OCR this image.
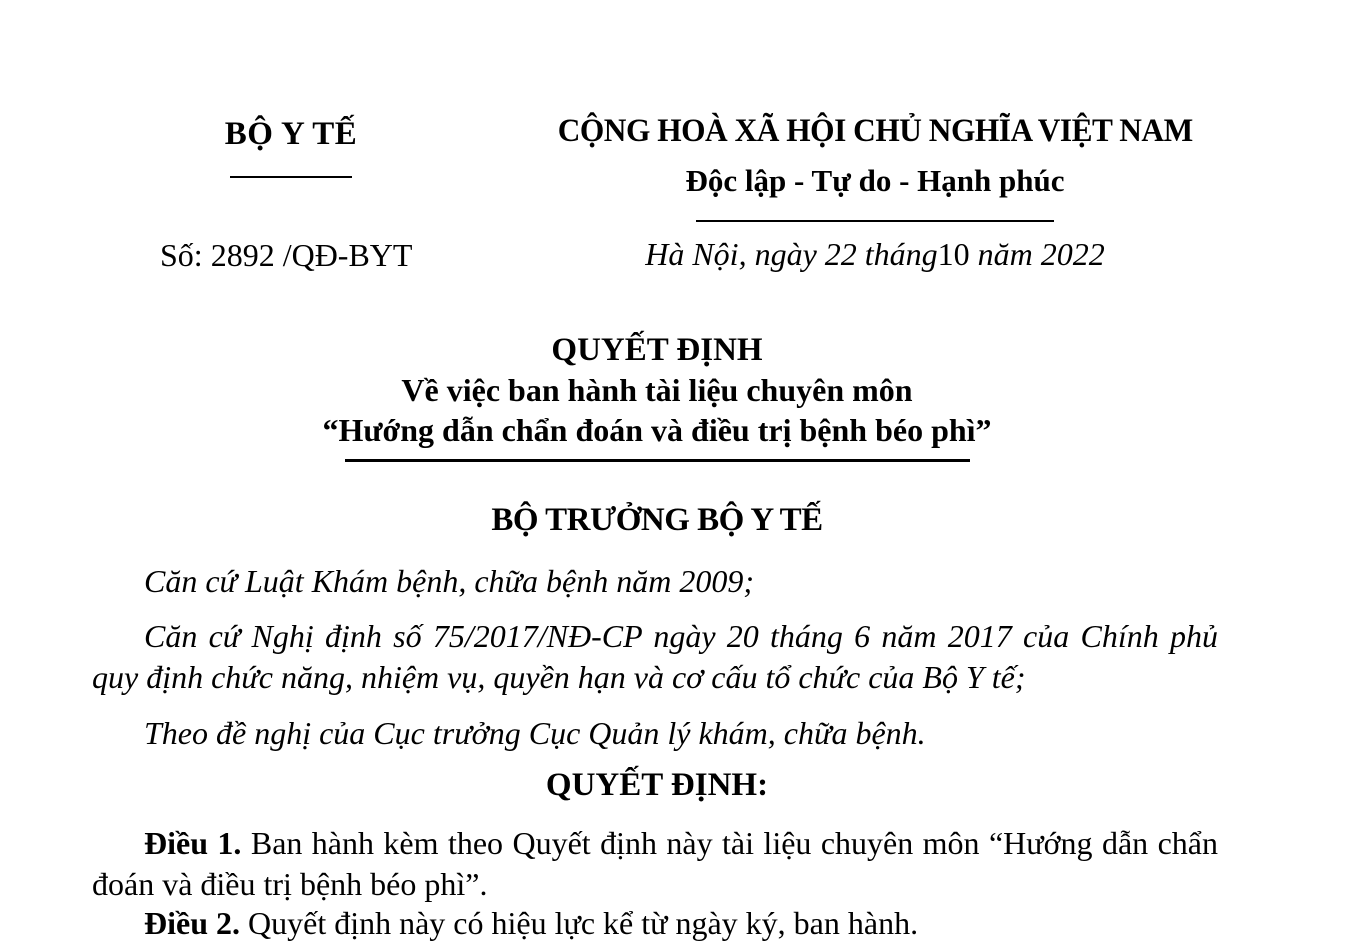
BỘ Y TẾ	CỘNG HOÀ XÃ HỘI CHỦ NGHĨA VIỆT NAM
Độc lập - Tự do - Hạnh phúc
Số: 2892 /QĐ-BYT	Hà Nội, ngày 22 tháng10 năm 2022
QUYẾT ĐỊNH
Về việc ban hành tài liệu chuyên môn
“Hướng dẫn chẩn đoán và điều trị bệnh béo phì”
BỘ TRƯỞNG BỘ Y TẾ

Căn cứ Luật Khám bệnh, chữa bệnh năm 2009;

Căn cứ Nghị định số 75/2017/NĐ-CP ngày 20 tháng 6 năm 2017 của Chính phủ quy định chức năng, nhiệm vụ, quyền hạn và cơ cấu tổ chức của Bộ Y tế;

Theo đề nghị của Cục trưởng Cục Quản lý khám, chữa bệnh.

QUYẾT ĐỊNH:

Điều 1. Ban hành kèm theo Quyết định này tài liệu chuyên môn “Hướng dẫn chẩn đoán và điều trị bệnh béo phì”.

Điều 2. Quyết định này có hiệu lực kể từ ngày ký, ban hành.
